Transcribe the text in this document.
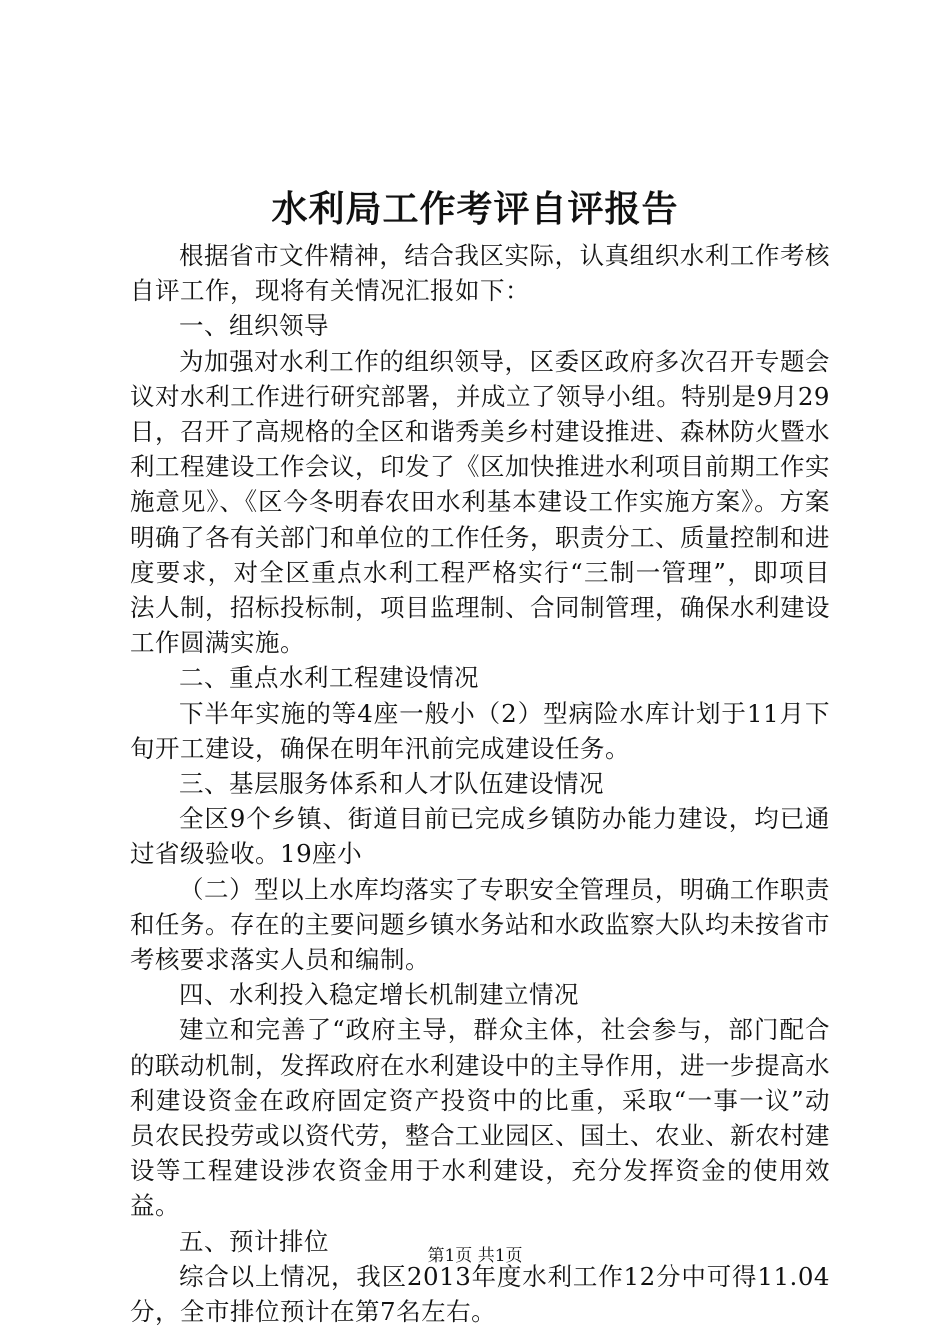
水利局工作考评自评报告

根据省市文件精神，结合我区实际，认真组织水利工作考核自评工作，现将有关情况汇报如下：

一、组织领导

为加强对水利工作的组织领导，区委区政府多次召开专题会议对水利工作进行研究部署，并成立了领导小组。特别是9月29日，召开了高规格的全区和谐秀美乡村建设推进、森林防火暨水利工程建设工作会议，印发了《区加快推进水利项目前期工作实施意见》、《区今冬明春农田水利基本建设工作实施方案》。方案明确了各有关部门和单位的工作任务，职责分工、质量控制和进度要求，对全区重点水利工程严格实行“三制一管理”，即项目法人制，招标投标制，项目监理制、合同制管理，确保水利建设工作圆满实施。

二、重点水利工程建设情况

下半年实施的等4座一般小（2）型病险水库计划于11月下旬开工建设，确保在明年汛前完成建设任务。

三、基层服务体系和人才队伍建设情况

全区9个乡镇、街道目前已完成乡镇防办能力建设，均已通过省级验收。19座小

（二）型以上水库均落实了专职安全管理员，明确工作职责和任务。存在的主要问题乡镇水务站和水政监察大队均未按省市考核要求落实人员和编制。

四、水利投入稳定增长机制建立情况

建立和完善了“政府主导，群众主体，社会参与，部门配合的联动机制，发挥政府在水利建设中的主导作用，进一步提高水利建设资金在政府固定资产投资中的比重，采取“一事一议”动员农民投劳或以资代劳，整合工业园区、国土、农业、新农村建设等工程建设涉农资金用于水利建设，充分发挥资金的使用效益。

五、预计排位

综合以上情况，我区2013年度水利工作12分中可得11.04分，全市排位预计在第7名左右。

第1页 共1页
